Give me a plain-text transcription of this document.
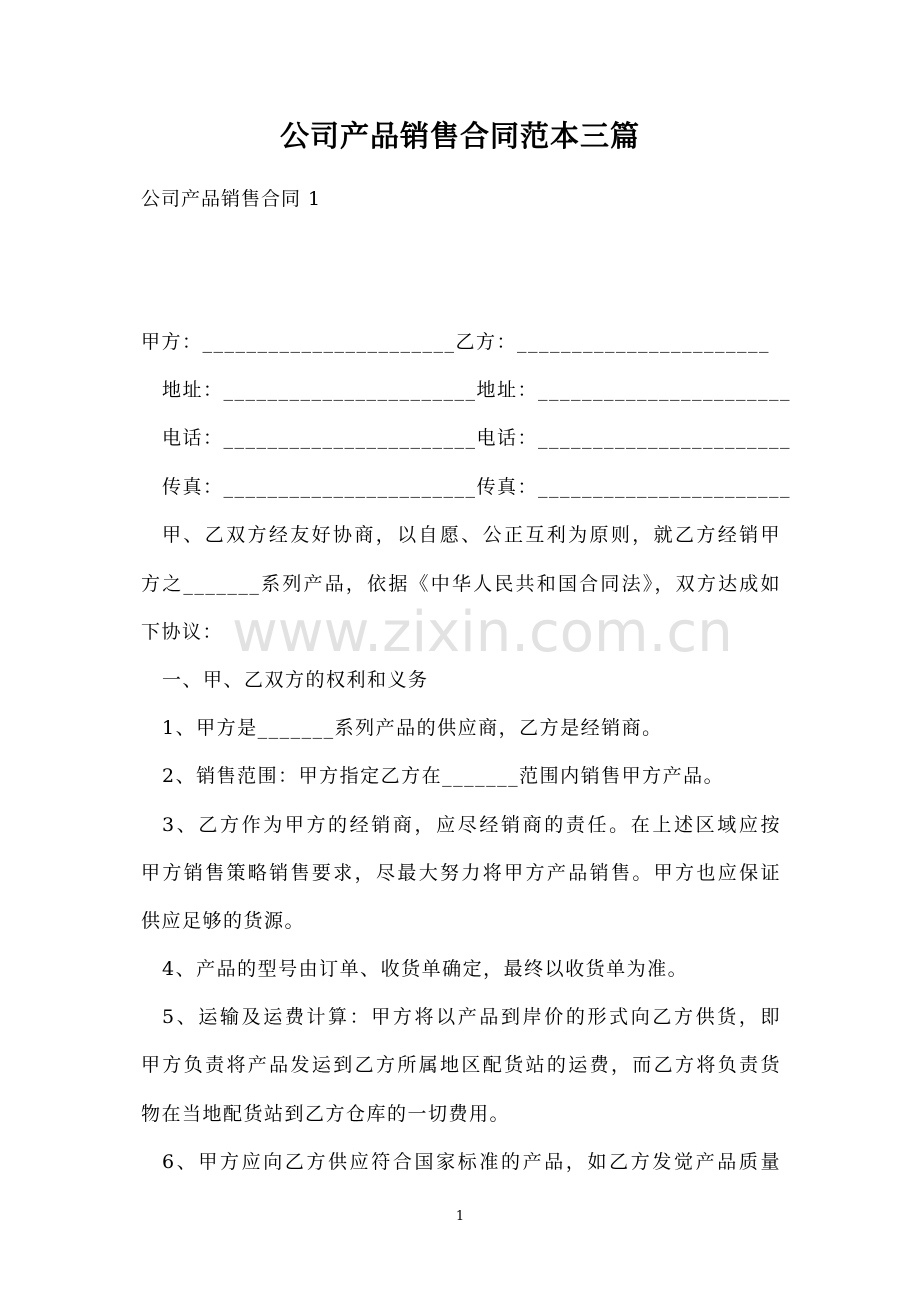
公司产品销售合同范本三篇
公司产品销售合同 1
甲方：_______________________乙方：_______________________
地址：_______________________地址：_______________________
电话：_______________________电话：_______________________
传真：_______________________传真：_______________________
www.zixin.com.cn
甲、乙双方经友好协商，以自愿、公正互利为原则，就乙方经销甲
方之_______系列产品，依据《中华人民共和国合同法》，双方达成如
下协议：
一、甲、乙双方的权利和义务
1、甲方是_______系列产品的供应商，乙方是经销商。
2、销售范围：甲方指定乙方在_______范围内销售甲方产品。
3、乙方作为甲方的经销商，应尽经销商的责任。在上述区域应按
甲方销售策略销售要求，尽最大努力将甲方产品销售。甲方也应保证
供应足够的货源。
4、产品的型号由订单、收货单确定，最终以收货单为准。
5、运输及运费计算：甲方将以产品到岸价的形式向乙方供货，即
甲方负责将产品发运到乙方所属地区配货站的运费，而乙方将负责货
物在当地配货站到乙方仓库的一切费用。
6、甲方应向乙方供应符合国家标准的产品，如乙方发觉产品质量
1
